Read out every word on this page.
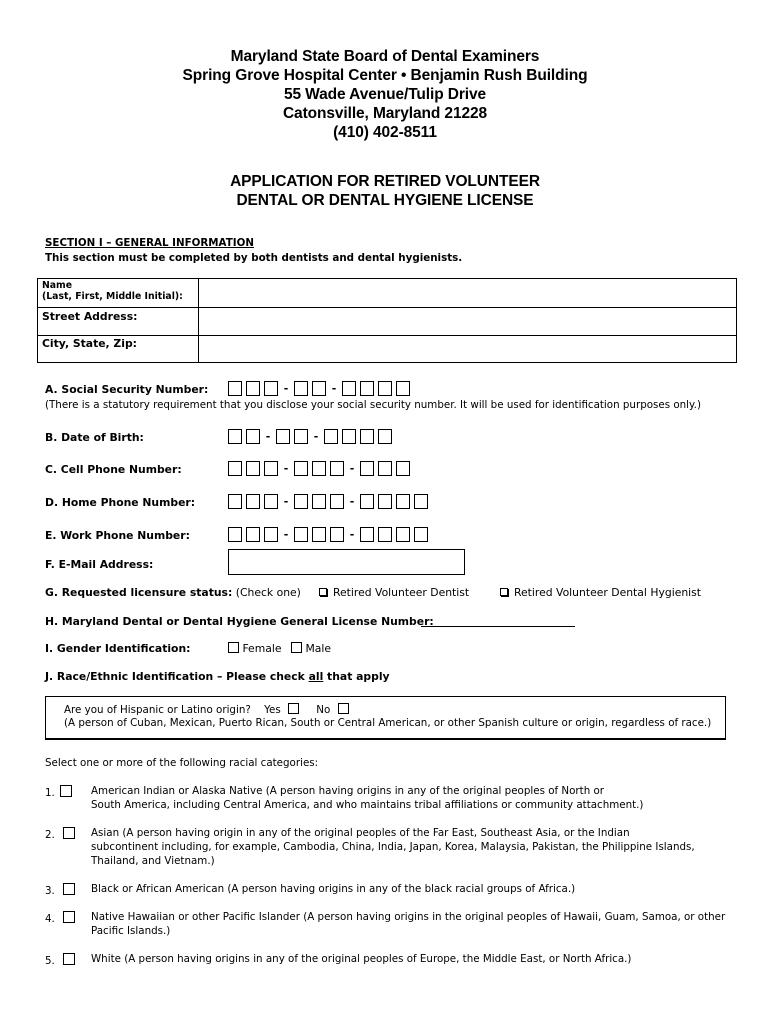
Maryland State Board of Dental Examiners
Spring Grove Hospital Center • Benjamin Rush Building
55 Wade Avenue/Tulip Drive
Catonsville, Maryland 21228
(410) 402-8511
APPLICATION FOR RETIRED VOLUNTEER
DENTAL OR DENTAL HYGIENE LICENSE
SECTION I – GENERAL INFORMATION
This section must be completed by both dentists and dental hygienists.
Name
(Last, First, Middle Initial):	

Street Address:	

City, State, Zip:	

A. Social Security Number:	-	-
(There is a statutory requirement that you disclose your social security number. It will be used for identification purposes only.)
B. Date of Birth:	-	-
C. Cell Phone Number:	-	-
D. Home Phone Number:	-	-
E. Work Phone Number:	-	-
F. E-Mail Address:
G. Requested licensure status: (Check one)	Retired Volunteer Dentist	Retired Volunteer Dental Hygienist
H. Maryland Dental or Dental Hygiene General License Number:
I. Gender Identification:	Female	Male
J. Race/Ethnic Identification – Please check all that apply
Are you of Hispanic or Latino origin? Yes	No
(A person of Cuban, Mexican, Puerto Rican, South or Central American, or other Spanish culture or origin, regardless of race.)
Select one or more of the following racial categories:
1.	American Indian or Alaska Native (A person having origins in any of the original peoples of North or
South America, including Central America, and who maintains tribal affiliations or community attachment.)
2.	Asian (A person having origin in any of the original peoples of the Far East, Southeast Asia, or the Indian
subcontinent including, for example, Cambodia, China, India, Japan, Korea, Malaysia, Pakistan, the Philippine Islands,
Thailand, and Vietnam.)
3.	Black or African American (A person having origins in any of the black racial groups of Africa.)
4.	Native Hawaiian or other Pacific Islander (A person having origins in the original peoples of Hawaii, Guam, Samoa, or other
Pacific Islands.)
5.	White (A person having origins in any of the original peoples of Europe, the Middle East, or North Africa.)
